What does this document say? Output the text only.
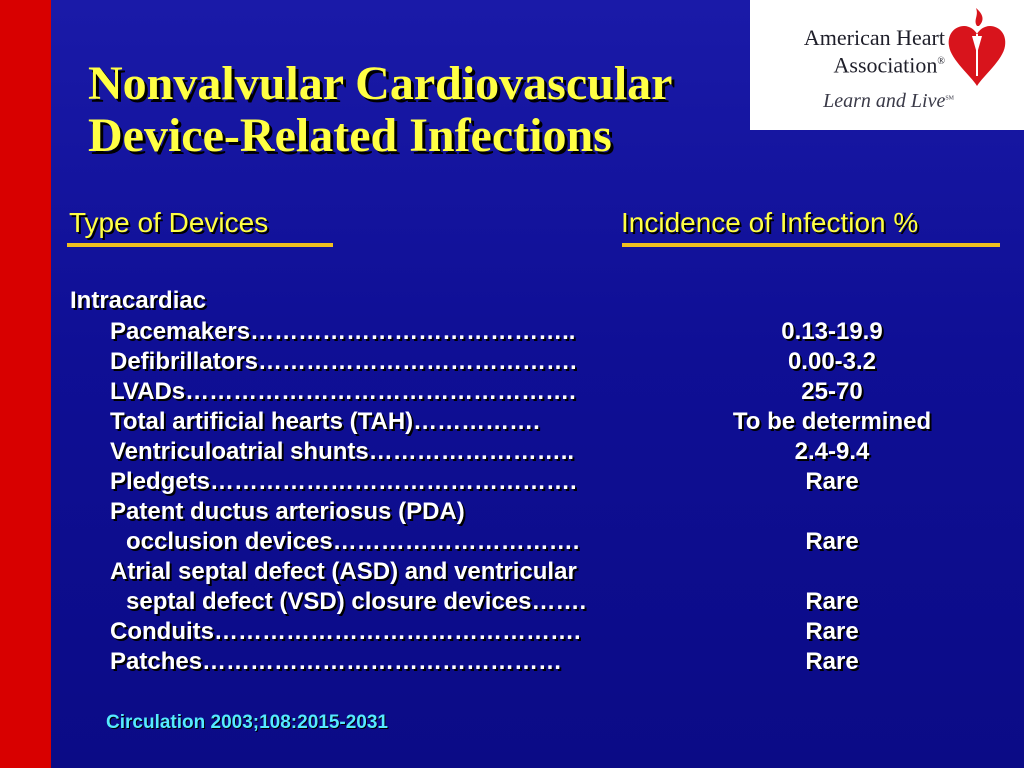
Nonvalvular Cardiovascular
Device-Related Infections
American Heart
Association®
Learn and Live℠
Type of Devices	Incidence of Infection %
Intracardiac
Pacemakers…………………………………..	0.13-19.9
Defibrillators………………………………….	0.00-3.2
LVADs………………………………………….	25-70
Total artificial hearts (TAH)…………….	To be determined
Ventriculoatrial shunts……………………..	2.4-9.4
Pledgets……………………………………….	Rare
Patent ductus arteriosus (PDA)
occlusion devices………………………….	Rare
Atrial septal defect (ASD) and ventricular
septal defect (VSD) closure devices…….	Rare
Conduits……………………………………….	Rare
Patches………………………………………	Rare
Circulation 2003;108:2015-2031
